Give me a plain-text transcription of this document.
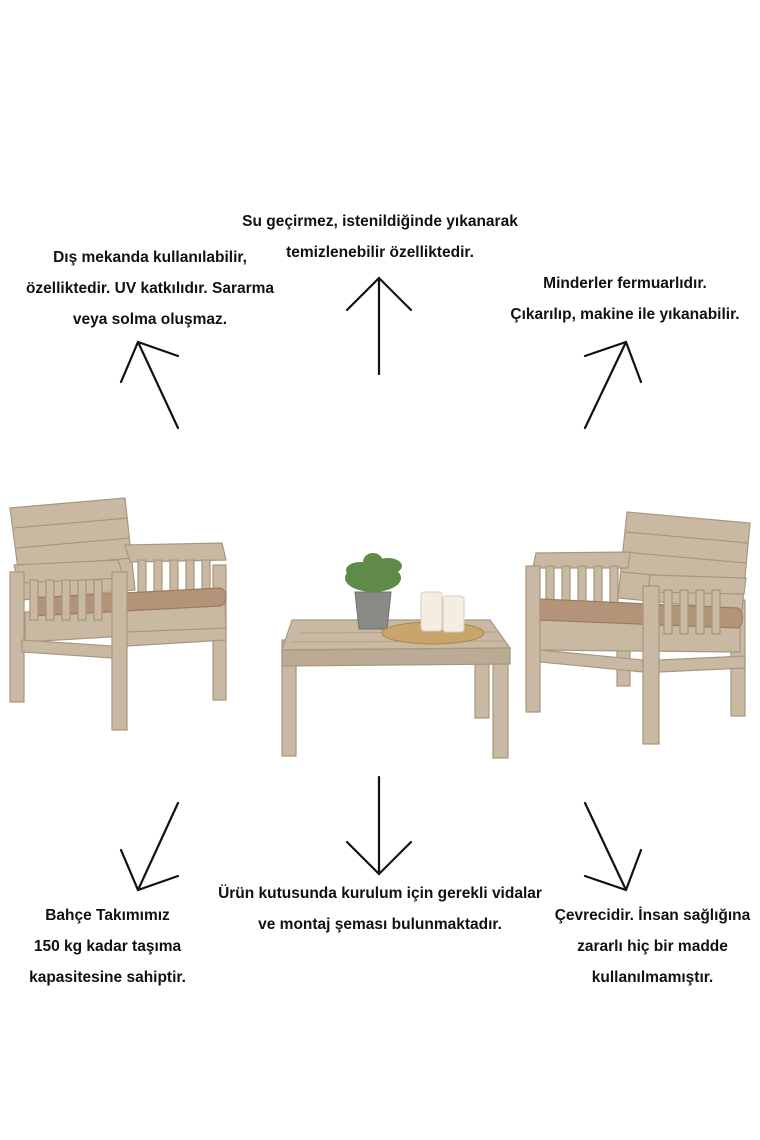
Su geçirmez, istenildiğinde yıkanarak
temizlenebilir özelliktedir.
Dış mekanda kullanılabilir,
özelliktedir. UV katkılıdır. Sararma
veya solma oluşmaz.
Minderler fermuarlıdır.
Çıkarılıp, makine ile yıkanabilir.
Bahçe Takımımız
150 kg kadar taşıma
kapasitesine sahiptir.
Ürün kutusunda kurulum için gerekli vidalar
ve montaj şeması bulunmaktadır.
Çevrecidir. İnsan sağlığına
zararlı hiç bir madde
kullanılmamıştır.
